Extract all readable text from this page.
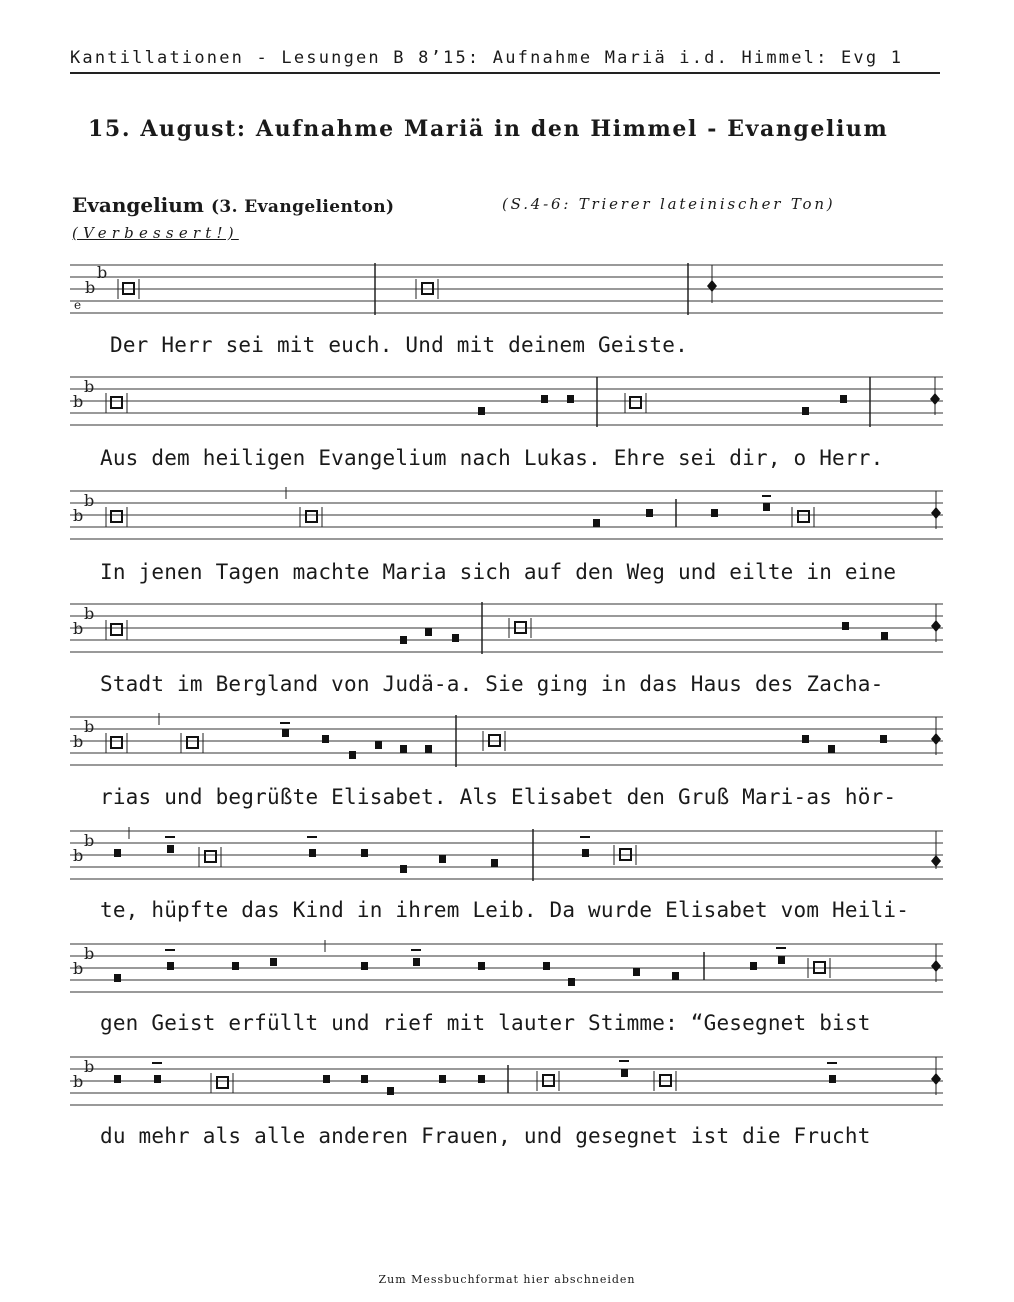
Kantillationen - Lesungen B 8’15: Aufnahme Mariä i.d. Himmel: Evg 1
15. August: Aufnahme Mariä in den Himmel - Evangelium
Evangelium (3. Evangelienton)	(S.4-6: Trierer lateinischer Ton)
(Verbessert!)
b
b
e
Der Herr sei mit euch. Und mit deinem Geiste.
b
b
Aus dem heiligen Evangelium nach Lukas. Ehre sei dir, o Herr.
b
b
In jenen Tagen machte Maria sich auf den Weg und eilte in eine
b
b
Stadt im Bergland von Judä-a. Sie ging in das Haus des Zacha-
b
b
rias und begrüßte Elisabet. Als Elisabet den Gruß Mari-as hör-
b
b
te, hüpfte das Kind in ihrem Leib. Da wurde Elisabet vom Heili-
b
b
gen Geist erfüllt und rief mit lauter Stimme: “Gesegnet bist
b
b
du mehr als alle anderen Frauen, und gesegnet ist die Frucht
Zum Messbuchformat hier abschneiden
